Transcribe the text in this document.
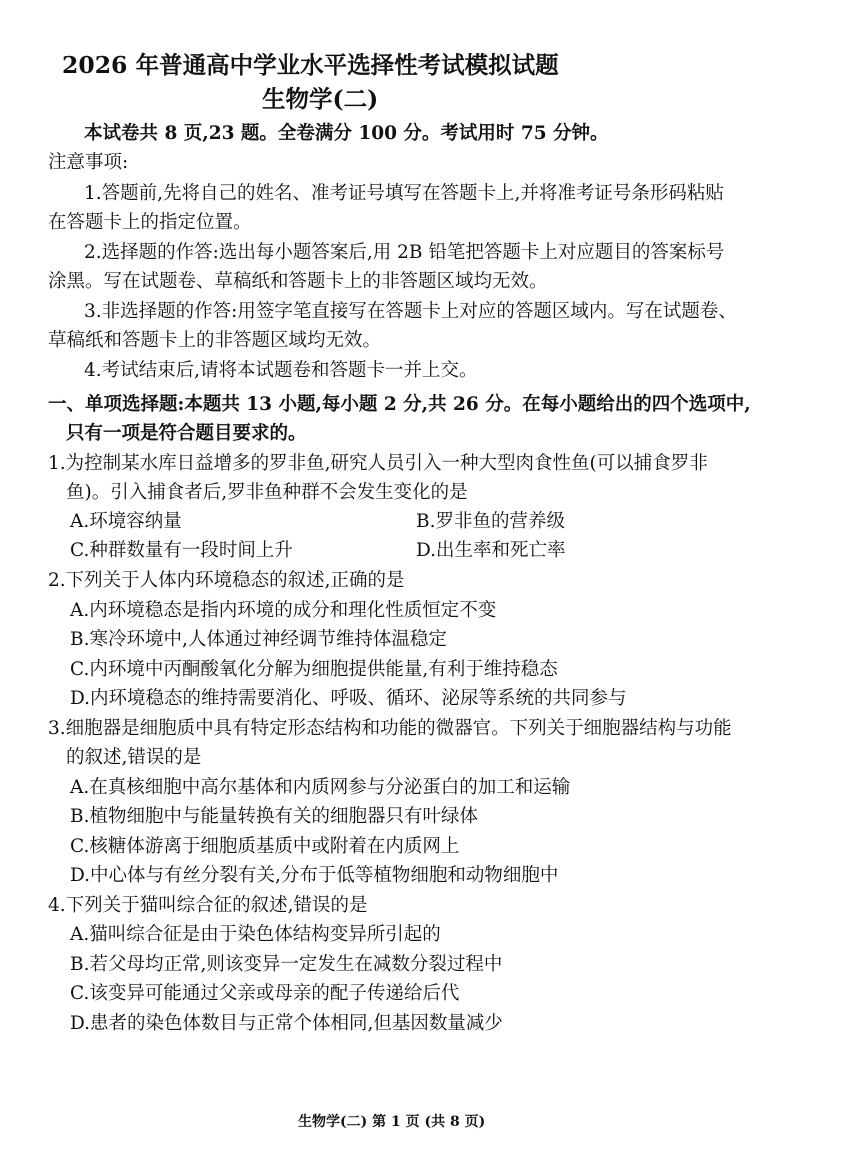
2026 年普通高中学业水平选择性考试模拟试题
生物学(二)
本试卷共 8 页,23 题。全卷满分 100 分。考试用时 75 分钟。
注意事项:
1.答题前,先将自己的姓名、准考证号填写在答题卡上,并将准考证号条形码粘贴
在答题卡上的指定位置。
2.选择题的作答:选出每小题答案后,用 2B 铅笔把答题卡上对应题目的答案标号
涂黑。写在试题卷、草稿纸和答题卡上的非答题区域均无效。
3.非选择题的作答:用签字笔直接写在答题卡上对应的答题区域内。写在试题卷、
草稿纸和答题卡上的非答题区域均无效。
4.考试结束后,请将本试题卷和答题卡一并上交。
一、单项选择题:本题共 13 小题,每小题 2 分,共 26 分。在每小题给出的四个选项中,
只有一项是符合题目要求的。
1.为控制某水库日益增多的罗非鱼,研究人员引入一种大型肉食性鱼(可以捕食罗非
鱼)。引入捕食者后,罗非鱼种群不会发生变化的是
A.环境容纳量	B.罗非鱼的营养级
C.种群数量有一段时间上升	D.出生率和死亡率
2.下列关于人体内环境稳态的叙述,正确的是
A.内环境稳态是指内环境的成分和理化性质恒定不变
B.寒冷环境中,人体通过神经调节维持体温稳定
C.内环境中丙酮酸氧化分解为细胞提供能量,有利于维持稳态
D.内环境稳态的维持需要消化、呼吸、循环、泌尿等系统的共同参与
3.细胞器是细胞质中具有特定形态结构和功能的微器官。下列关于细胞器结构与功能
的叙述,错误的是
A.在真核细胞中高尔基体和内质网参与分泌蛋白的加工和运输
B.植物细胞中与能量转换有关的细胞器只有叶绿体
C.核糖体游离于细胞质基质中或附着在内质网上
D.中心体与有丝分裂有关,分布于低等植物细胞和动物细胞中
4.下列关于猫叫综合征的叙述,错误的是
A.猫叫综合征是由于染色体结构变异所引起的
B.若父母均正常,则该变异一定发生在减数分裂过程中
C.该变异可能通过父亲或母亲的配子传递给后代
D.患者的染色体数目与正常个体相同,但基因数量减少
生物学(二) 第 1 页 (共 8 页)
